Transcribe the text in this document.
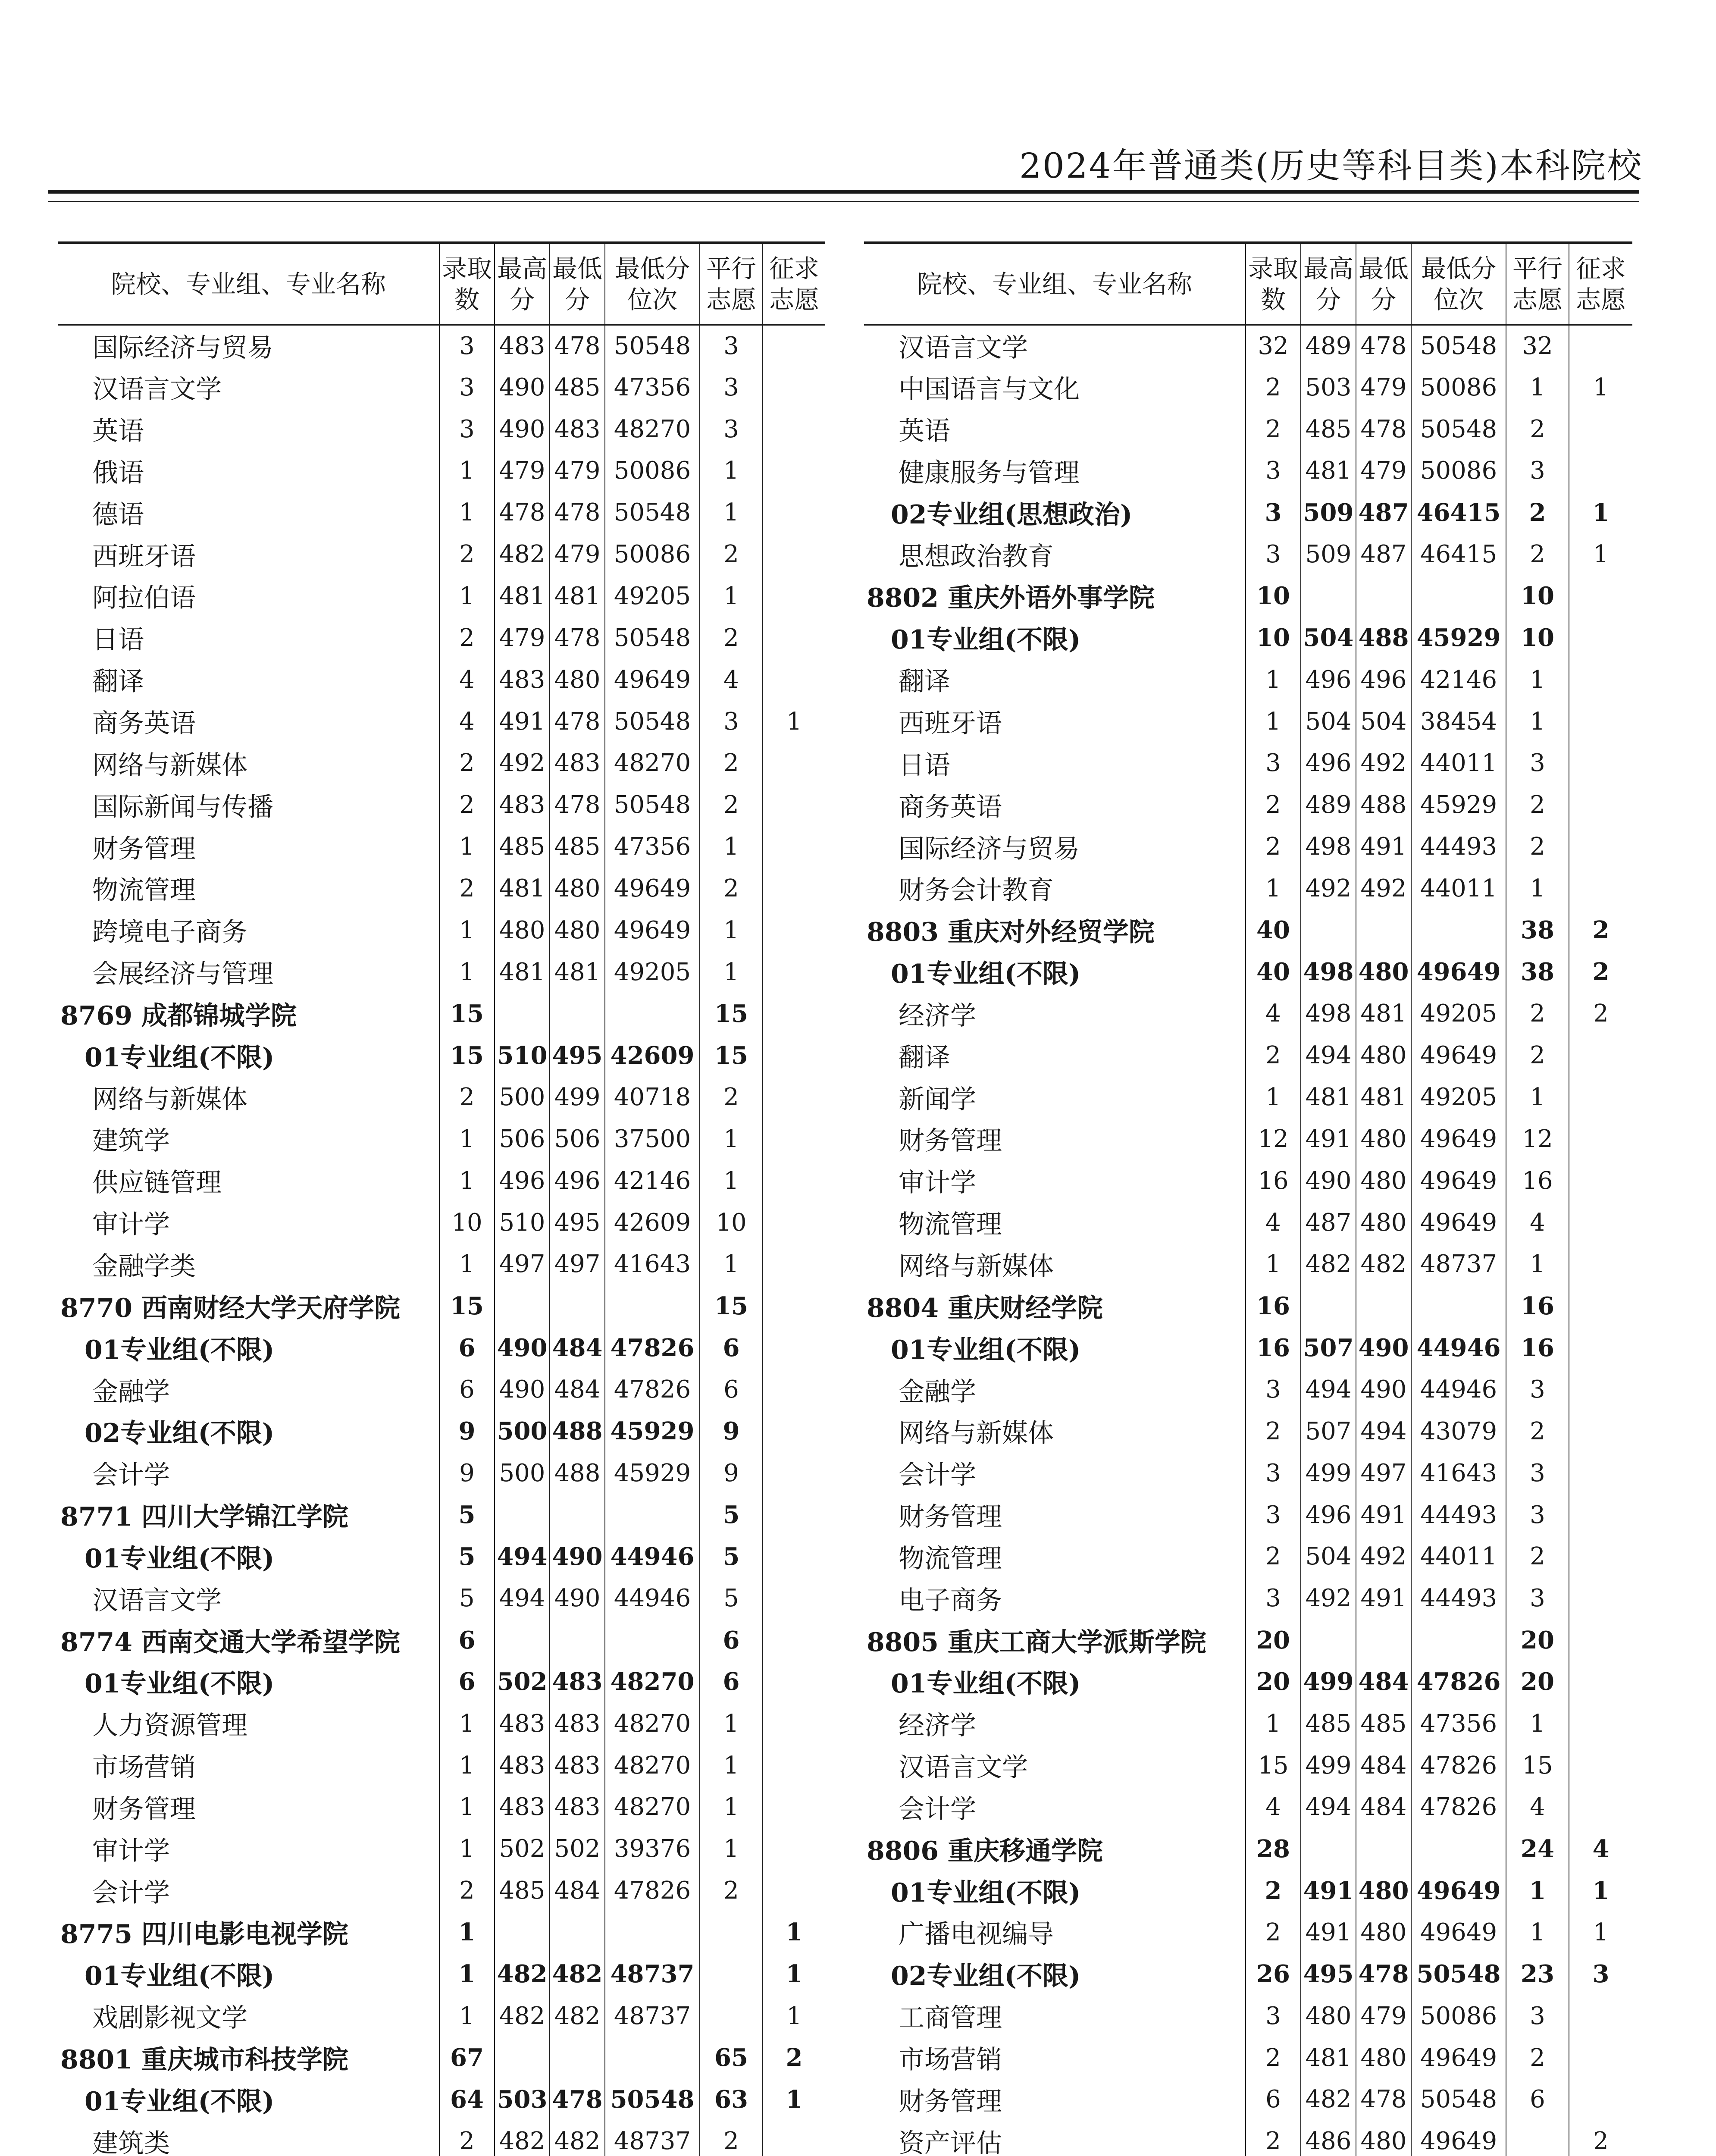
2024年普通类(历史等科目类)本科院校
院校、专业组、专业名称	录取数	最高分	最低分	最低分位次	平行志愿	征求志愿
国际经济与贸易	3	483	478	50548	3	
汉语言文学	3	490	485	47356	3	
英语	3	490	483	48270	3	
俄语	1	479	479	50086	1	
德语	1	478	478	50548	1	
西班牙语	2	482	479	50086	2	
阿拉伯语	1	481	481	49205	1	
日语	2	479	478	50548	2	
翻译	4	483	480	49649	4	
商务英语	4	491	478	50548	3	1
网络与新媒体	2	492	483	48270	2	
国际新闻与传播	2	483	478	50548	2	
财务管理	1	485	485	47356	1	
物流管理	2	481	480	49649	2	
跨境电子商务	1	480	480	49649	1	
会展经济与管理	1	481	481	49205	1	
8769 成都锦城学院	15				15	
01专业组(不限)	15	510	495	42609	15	
网络与新媒体	2	500	499	40718	2	
建筑学	1	506	506	37500	1	
供应链管理	1	496	496	42146	1	
审计学	10	510	495	42609	10	
金融学类	1	497	497	41643	1	
8770 西南财经大学天府学院	15				15	
01专业组(不限)	6	490	484	47826	6	
金融学	6	490	484	47826	6	
02专业组(不限)	9	500	488	45929	9	
会计学	9	500	488	45929	9	
8771 四川大学锦江学院	5				5	
01专业组(不限)	5	494	490	44946	5	
汉语言文学	5	494	490	44946	5	
8774 西南交通大学希望学院	6				6	
01专业组(不限)	6	502	483	48270	6	
人力资源管理	1	483	483	48270	1	
市场营销	1	483	483	48270	1	
财务管理	1	483	483	48270	1	
审计学	1	502	502	39376	1	
会计学	2	485	484	47826	2	
8775 四川电影电视学院	1					1
01专业组(不限)	1	482	482	48737		1
戏剧影视文学	1	482	482	48737		1
8801 重庆城市科技学院	67				65	2
01专业组(不限)	64	503	478	50548	63	1
建筑类	2	482	482	48737	2	

院校、专业组、专业名称	录取数	最高分	最低分	最低分位次	平行志愿	征求志愿
汉语言文学	32	489	478	50548	32	
中国语言与文化	2	503	479	50086	1	1
英语	2	485	478	50548	2	
健康服务与管理	3	481	479	50086	3	
02专业组(思想政治)	3	509	487	46415	2	1
思想政治教育	3	509	487	46415	2	1
8802 重庆外语外事学院	10				10	
01专业组(不限)	10	504	488	45929	10	
翻译	1	496	496	42146	1	
西班牙语	1	504	504	38454	1	
日语	3	496	492	44011	3	
商务英语	2	489	488	45929	2	
国际经济与贸易	2	498	491	44493	2	
财务会计教育	1	492	492	44011	1	
8803 重庆对外经贸学院	40				38	2
01专业组(不限)	40	498	480	49649	38	2
经济学	4	498	481	49205	2	2
翻译	2	494	480	49649	2	
新闻学	1	481	481	49205	1	
财务管理	12	491	480	49649	12	
审计学	16	490	480	49649	16	
物流管理	4	487	480	49649	4	
网络与新媒体	1	482	482	48737	1	
8804 重庆财经学院	16				16	
01专业组(不限)	16	507	490	44946	16	
金融学	3	494	490	44946	3	
网络与新媒体	2	507	494	43079	2	
会计学	3	499	497	41643	3	
财务管理	3	496	491	44493	3	
物流管理	2	504	492	44011	2	
电子商务	3	492	491	44493	3	
8805 重庆工商大学派斯学院	20				20	
01专业组(不限)	20	499	484	47826	20	
经济学	1	485	485	47356	1	
汉语言文学	15	499	484	47826	15	
会计学	4	494	484	47826	4	
8806 重庆移通学院	28				24	4
01专业组(不限)	2	491	480	49649	1	1
广播电视编导	2	491	480	49649	1	1
02专业组(不限)	26	495	478	50548	23	3
工商管理	3	480	479	50086	3	
市场营销	2	481	480	49649	2	
财务管理	6	482	478	50548	6	
资产评估	2	486	480	49649		2
